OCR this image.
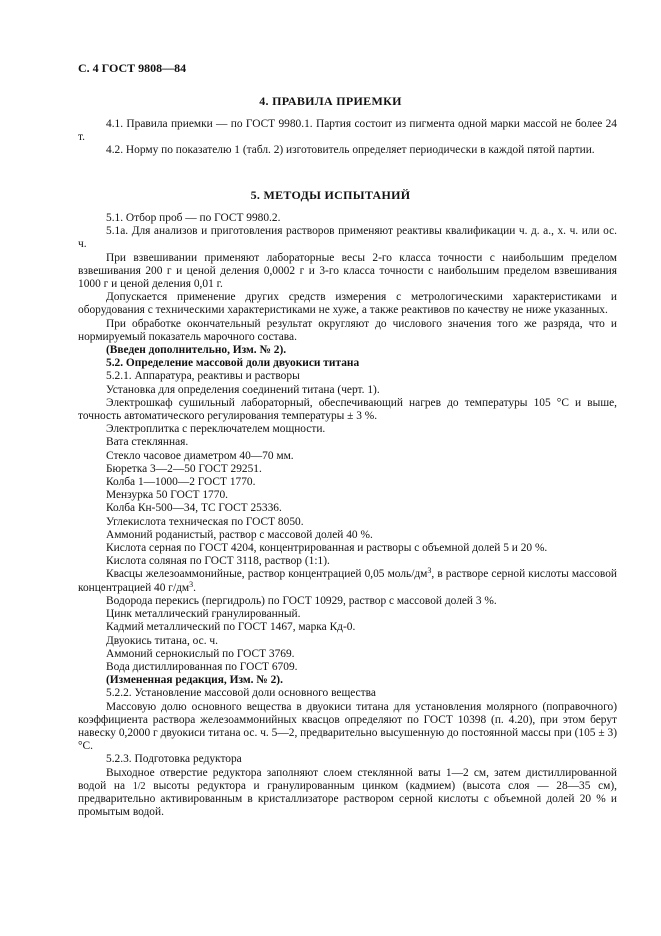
С. 4 ГОСТ 9808—84
4. ПРАВИЛА ПРИЕМКИ

4.1. Правила приемки — по ГОСТ 9980.1. Партия состоит из пигмента одной марки массой не более 24 т.

4.2. Норму по показателю 1 (табл. 2) изготовитель определяет периодически в каждой пятой партии.

5. МЕТОДЫ ИСПЫТАНИЙ

5.1. Отбор проб — по ГОСТ 9980.2.

5.1а. Для анализов и приготовления растворов применяют реактивы квалификации ч. д. а., х. ч. или ос. ч.

При взвешивании применяют лабораторные весы 2-го класса точности с наибольшим пределом взвешивания 200 г и ценой деления 0,0002 г и 3-го класса точности с наибольшим пределом взвешивания 1000 г и ценой деления 0,01 г.

Допускается применение других средств измерения с метрологическими характеристиками и оборудования с техническими характеристиками не хуже, а также реактивов по качеству не ниже указанных.

При обработке окончательный результат округляют до числового значения того же разряда, что и нормируемый показатель марочного состава.

(Введен дополнительно, Изм. № 2).

5.2. Определение массовой доли двуокиси титана

5.2.1. Аппаратура, реактивы и растворы

Установка для определения соединений титана (черт. 1).

Электрошкаф сушильный лабораторный, обеспечивающий нагрев до температуры 105 °С и выше, точность автоматического регулирования температуры ± 3 %.

Электроплитка с переключателем мощности.

Вата стеклянная.

Стекло часовое диаметром 40—70 мм.

Бюретка 3—2—50 ГОСТ 29251.

Колба 1—1000—2 ГОСТ 1770.

Мензурка 50 ГОСТ 1770.

Колба Кн-500—34, ТС ГОСТ 25336.

Углекислота техническая по ГОСТ 8050.

Аммоний роданистый, раствор с массовой долей 40 %.

Кислота серная по ГОСТ 4204, концентрированная и растворы с объемной долей 5 и 20 %.

Кислота соляная по ГОСТ 3118, раствор (1:1).

Квасцы железоаммонийные, раствор концентрацией 0,05 моль/$дм^3$, в растворе серной кислоты массовой концентрацией 40 $г/дм^3$.

Водорода перекись (пергидроль) по ГОСТ 10929, раствор с массовой долей 3 %.

Цинк металлический гранулированный.

Кадмий металлический по ГОСТ 1467, марка Кд-0.

Двуокись титана, ос. ч.

Аммоний сернокислый по ГОСТ 3769.

Вода дистиллированная по ГОСТ 6709.

(Измененная редакция, Изм. № 2).

5.2.2. Установление массовой доли основного вещества

Массовую долю основного вещества в двуокиси титана для установления молярного (поправочного) коэффициента раствора железоаммонийных квасцов определяют по ГОСТ 10398 (п. 4.20), при этом берут навеску 0,2000 г двуокиси титана ос. ч. 5—2, предварительно высушенную до постоянной массы при (105 ± 3) °С.

5.2.3. Подготовка редуктора

Выходное отверстие редуктора заполняют слоем стеклянной ваты 1—2 см, затем дистиллированной водой на 1/2 высоты редуктора и гранулированным цинком (кадмием) (высота слоя — 28—35 см), предварительно активированным в кристаллизаторе раствором серной кислоты с объемной долей 20 % и промытым водой.
